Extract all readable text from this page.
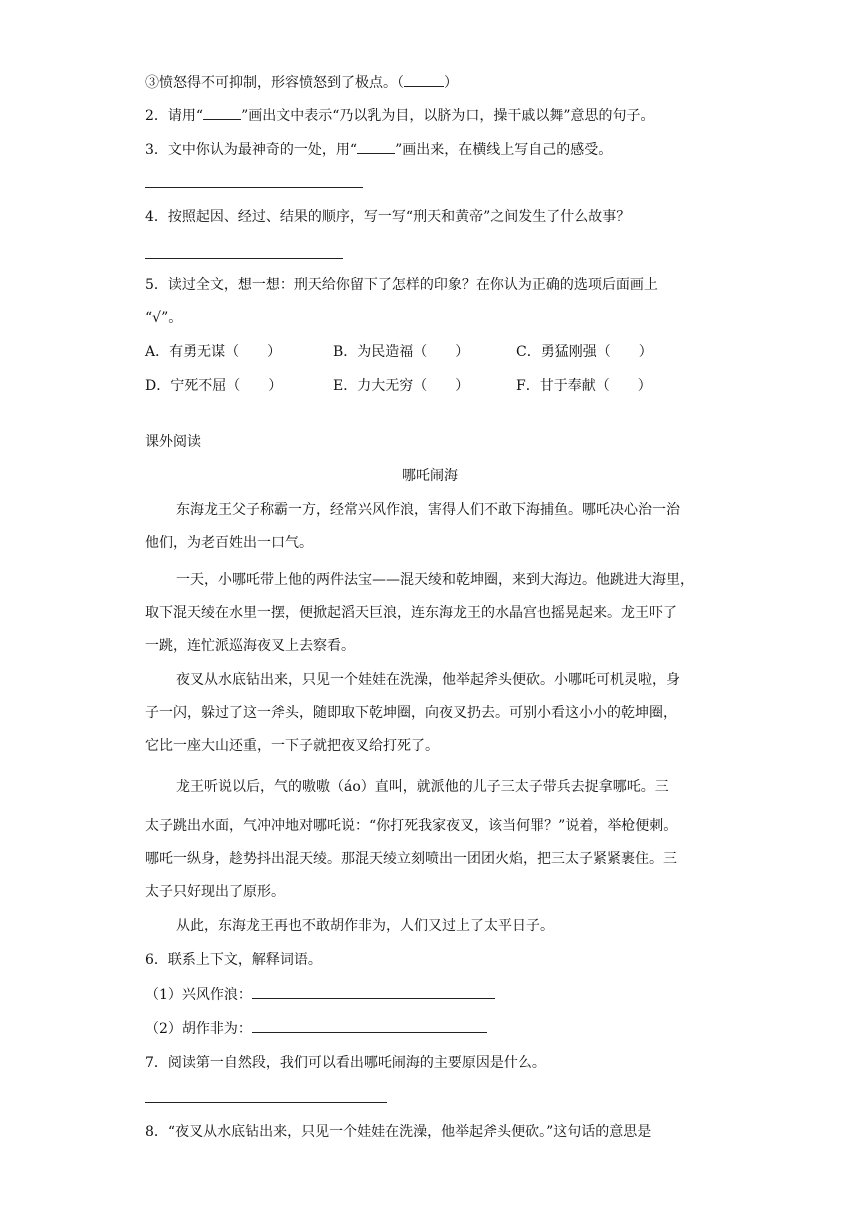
③愤怒得不可抑制，形容愤怒到了极点。（	）
2．请用“	”画出文中表示“乃以乳为目，以脐为口，操干戚以舞”意思的句子。
3．文中你认为最神奇的一处，用“	”画出来，在横线上写自己的感受。
4．按照起因、经过、结果的顺序，写一写“刑天和黄帝”之间发生了什么故事？
5．读过全文，想一想：刑天给你留下了怎样的印象？在你认为正确的选项后面画上
“√”。
A．有勇无谋（　　）	B．为民造福（　　）	C．勇猛刚强（　　）
D．宁死不屈（　　）	E．力大无穷（　　）	F．甘于奉献（　　）
课外阅读
哪吒闹海
东海龙王父子称霸一方，经常兴风作浪，害得人们不敢下海捕鱼。哪吒决心治一治
他们，为老百姓出一口气。
一天，小哪吒带上他的两件法宝——混天绫和乾坤圈，来到大海边。他跳进大海里，
取下混天绫在水里一摆，便掀起滔天巨浪，连东海龙王的水晶宫也摇晃起来。龙王吓了
一跳，连忙派巡海夜叉上去察看。
夜叉从水底钻出来，只见一个娃娃在洗澡，他举起斧头便砍。小哪吒可机灵啦，身
子一闪，躲过了这一斧头，随即取下乾坤圈，向夜叉扔去。可别小看这小小的乾坤圈，
它比一座大山还重，一下子就把夜叉给打死了。
龙王听说以后，气的嗷嗷（áo）直叫，就派他的儿子三太子带兵去捉拿哪吒。三
太子跳出水面，气冲冲地对哪吒说：“你打死我家夜叉，该当何罪？”说着，举枪便刺。
哪吒一纵身，趁势抖出混天绫。那混天绫立刻喷出一团团火焰，把三太子紧紧裹住。三
太子只好现出了原形。
从此，东海龙王再也不敢胡作非为，人们又过上了太平日子。
6．联系上下文，解释词语。
（1）兴风作浪：
（2）胡作非为：
7．阅读第一自然段，我们可以看出哪吒闹海的主要原因是什么。
8．“夜叉从水底钻出来，只见一个娃娃在洗澡，他举起斧头便砍。”这句话的意思是
